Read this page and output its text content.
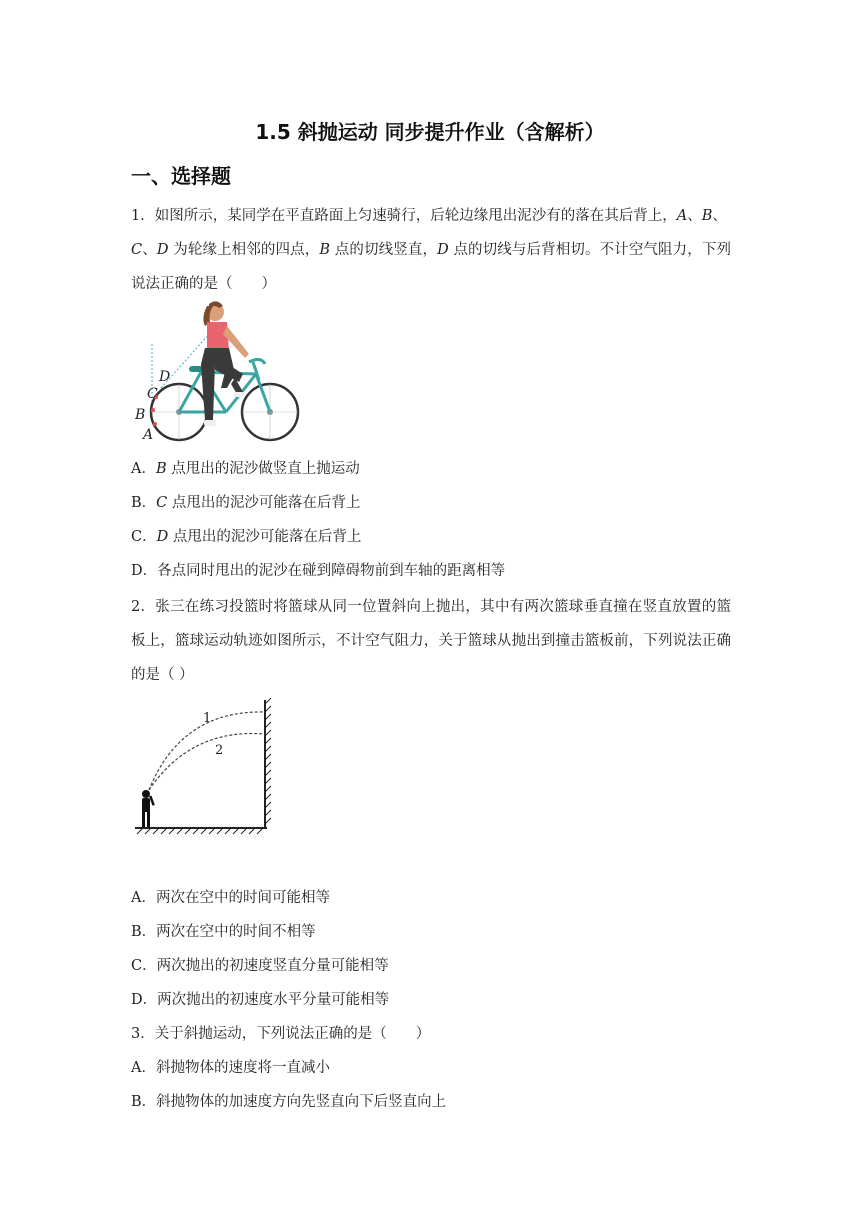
1.5 斜抛运动 同步提升作业（含解析）
一、选择题
1．如图所示，某同学在平直路面上匀速骑行，后轮边缘甩出泥沙有的落在其后背上，A、B、
C、D 为轮缘上相邻的四点，B 点的切线竖直，D 点的切线与后背相切。不计空气阻力，下列说法正确的是（　　）
D
C
B
A
A．B 点甩出的泥沙做竖直上抛运动
B．C 点甩出的泥沙可能落在后背上
C．D 点甩出的泥沙可能落在后背上
D．各点同时甩出的泥沙在碰到障碍物前到车轴的距离相等
2．张三在练习投篮时将篮球从同一位置斜向上抛出，其中有两次篮球垂直撞在竖直放置的篮板上，篮球运动轨迹如图所示，不计空气阻力，关于篮球从抛出到撞击篮板前，下列说法正确的是（ ）
1
2
A．两次在空中的时间可能相等
B．两次在空中的时间不相等
C．两次抛出的初速度竖直分量可能相等
D．两次抛出的初速度水平分量可能相等
3．关于斜抛运动，下列说法正确的是（　　）
A．斜抛物体的速度将一直减小
B．斜抛物体的加速度方向先竖直向下后竖直向上
